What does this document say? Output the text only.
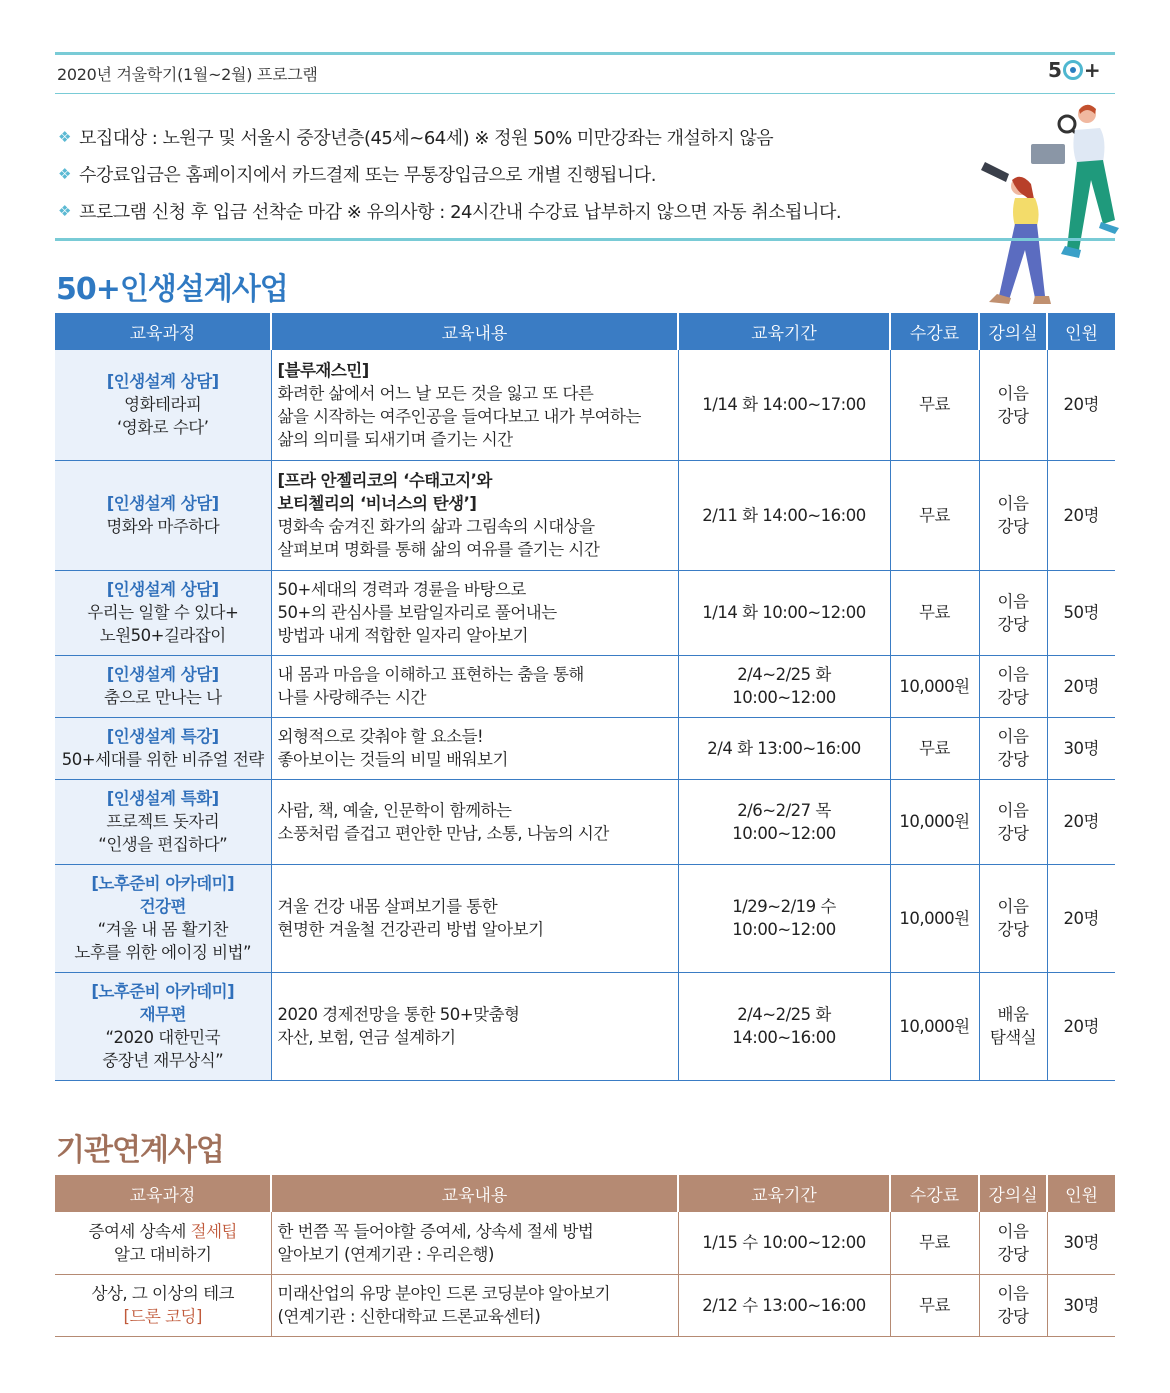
2020년 겨울학기(1월~2월) 프로그램	5 +
❖ 모집대상 : 노원구 및 서울시 중장년층(45세~64세) ※ 정원 50% 미만강좌는 개설하지 않음
❖ 수강료입금은 홈페이지에서 카드결제 또는 무통장입금으로 개별 진행됩니다.
❖ 프로그램 신청 후 입금 선착순 마감 ※ 유의사항 : 24시간내 수강료 납부하지 않으면 자동 취소됩니다.
50+인생설계사업
교육과정	교육내용	교육기간	수강료	강의실	인원

[인생설계 상담]
영화테라피
‘영화로 수다’	[블루재스민]
화려한 삶에서 어느 날 모든 것을 잃고 또 다른
삶을 시작하는 여주인공을 들여다보고 내가 부여하는
삶의 의미를 되새기며 즐기는 시간	1/14 화 14:00~17:00	무료	이음
강당	20명

[인생설계 상담]
명화와 마주하다	[프라 안젤리코의 ‘수태고지’와
보티첼리의 ‘비너스의 탄생’]
명화속 숨겨진 화가의 삶과 그림속의 시대상을
살펴보며 명화를 통해 삶의 여유를 즐기는 시간	2/11 화 14:00~16:00	무료	이음
강당	20명

[인생설계 상담]
우리는 일할 수 있다+
노원50+길라잡이	50+세대의 경력과 경륜을 바탕으로
50+의 관심사를 보람일자리로 풀어내는
방법과 내게 적합한 일자리 알아보기	1/14 화 10:00~12:00	무료	이음
강당	50명

[인생설계 상담]
춤으로 만나는 나	내 몸과 마음을 이해하고 표현하는 춤을 통해
나를 사랑해주는 시간	2/4~2/25 화 10:00~12:00	10,000원	이음
강당	20명

[인생설계 특강]
50+세대를 위한 비쥬얼 전략	외형적으로 갖춰야 할 요소들!
좋아보이는 것들의 비밀 배워보기	2/4 화 13:00~16:00	무료	이음
강당	30명

[인생설계 특화]
프로젝트 돗자리
“인생을 편집하다”	사람, 책, 예술, 인문학이 함께하는
소풍처럼 즐겁고 편안한 만남, 소통, 나눔의 시간	2/6~2/27 목 10:00~12:00	10,000원	이음
강당	20명

[노후준비 아카데미]
건강편
“겨울 내 몸 활기찬
노후를 위한 에이징 비법”	겨울 건강 내몸 살펴보기를 통한
현명한 겨울철 건강관리 방법 알아보기	1/29~2/19 수 10:00~12:00	10,000원	이음
강당	20명

[노후준비 아카데미]
재무편
“2020 대한민국
중장년 재무상식”	2020 경제전망을 통한 50+맞춤형
자산, 보험, 연금 설계하기	2/4~2/25 화 14:00~16:00	10,000원	배움
탐색실	20명
기관연계사업
교육과정	교육내용	교육기간	수강료	강의실	인원
증여세 상속세 절세팁
알고 대비하기	한 번쯤 꼭 들어야할 증여세, 상속세 절세 방법
알아보기 (연계기관 : 우리은행)	1/15 수 10:00~12:00	무료	이음
강당	30명

상상, 그 이상의 테크
[드론 코딩]	미래산업의 유망 분야인 드론 코딩분야 알아보기
(연계기관 : 신한대학교 드론교육센터)	2/12 수 13:00~16:00	무료	이음
강당	30명
